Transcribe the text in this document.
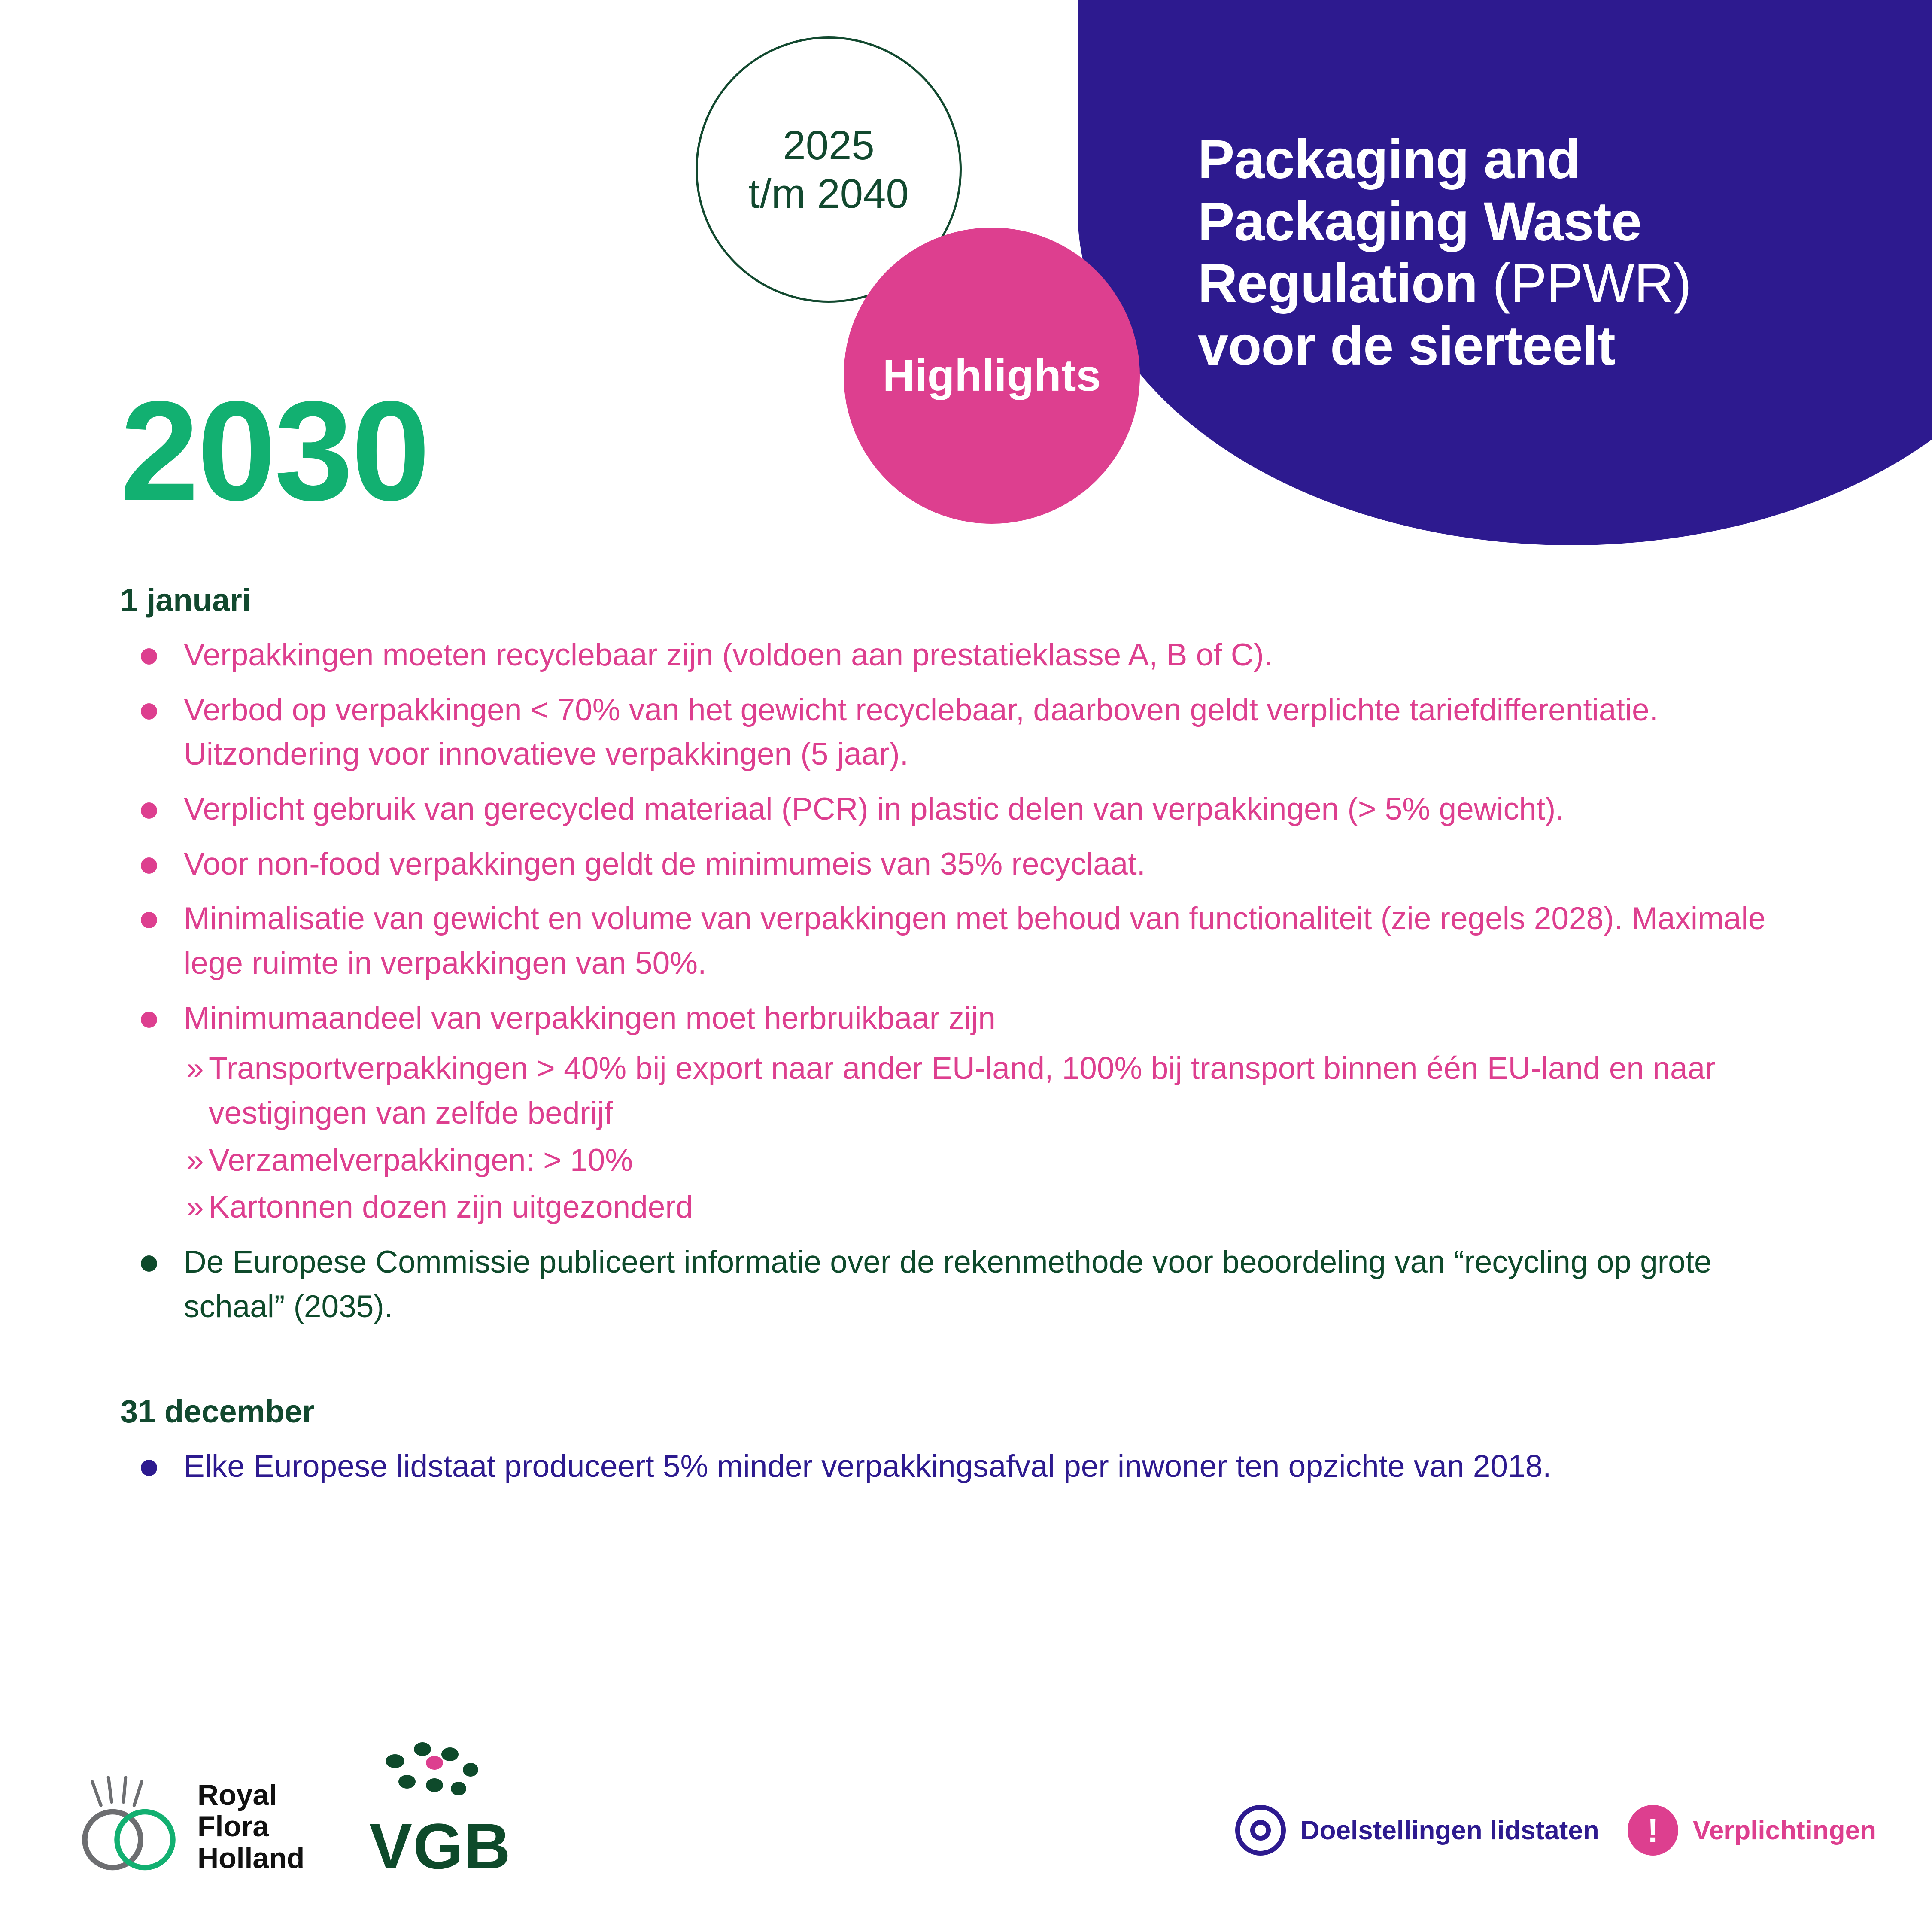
Packaging and
Packaging Waste
Regulation (PPWR)
voor de sierteelt
2025
t/m 2040
Highlights
2030
1 januari
Verpakkingen moeten recyclebaar zijn (voldoen aan prestatieklasse A, B of C).
Verbod op verpakkingen < 70% van het gewicht recyclebaar, daarboven geldt verplichte tariefdifferentiatie. Uitzondering voor innovatieve verpakkingen (5 jaar).
Verplicht gebruik van gerecycled materiaal (PCR) in plastic delen van verpakkingen (> 5% gewicht).
Voor non-food verpakkingen geldt de minimumeis van 35% recyclaat.
Minimalisatie van gewicht en volume van verpakkingen met behoud van functionaliteit (zie regels 2028). Maximale lege ruimte in verpakkingen van 50%.
Minimumaandeel van verpakkingen moet herbruikbaar zijn
» Transportverpakkingen > 40% bij export naar ander EU-land, 100% bij transport binnen één EU-land en naar vestigingen van zelfde bedrijf
» Verzamelverpakkingen: > 10%
» Kartonnen dozen zijn uitgezonderd
De Europese Commissie publiceert informatie over de rekenmethode voor beoordeling van “recycling op grote schaal” (2035).
31 december
Elke Europese lidstaat produceert 5% minder verpakkingsafval per inwoner ten opzichte van 2018.
Royal
Flora
Holland VGB	Doelstellingen lidstaten	!	Verplichtingen
